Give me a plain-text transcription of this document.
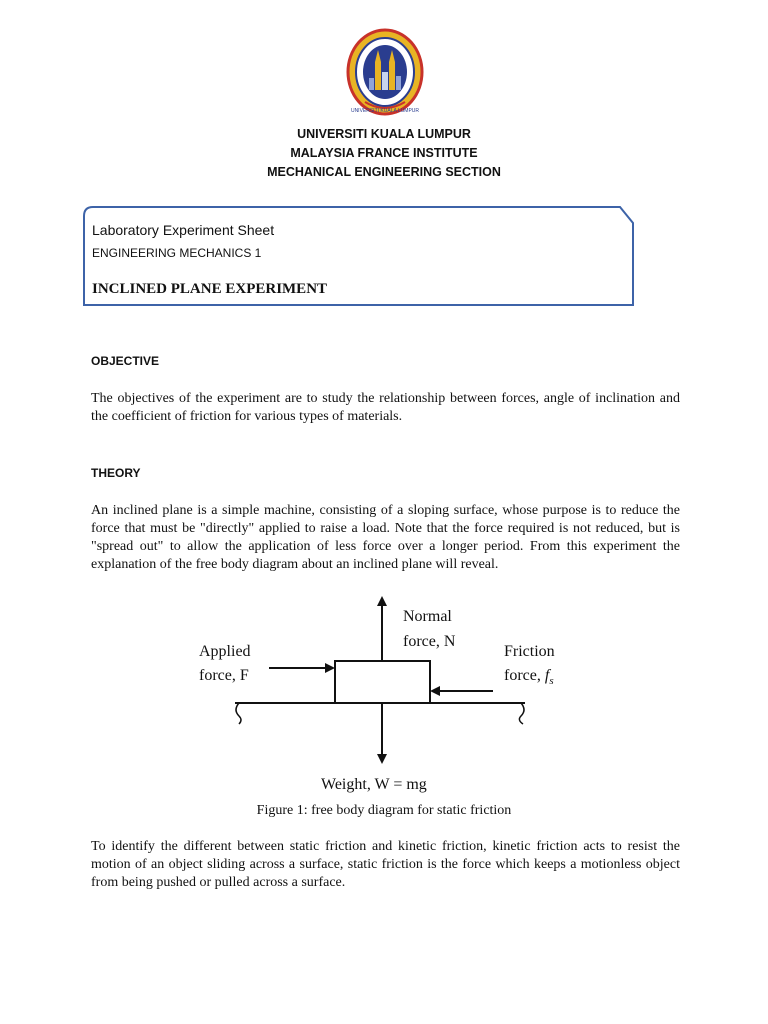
UNIVERSITI KUALA LUMPUR
UNIVERSITI KUALA LUMPUR
MALAYSIA FRANCE INSTITUTE
MECHANICAL ENGINEERING SECTION
Laboratory Experiment Sheet
ENGINEERING MECHANICS 1
INCLINED PLANE EXPERIMENT
OBJECTIVE
The objectives of the experiment are to study the relationship between forces, angle of inclination and the coefficient of friction for various types of materials.
THEORY
An inclined plane is a simple machine, consisting of a sloping surface, whose purpose is to reduce the force that must be "directly" applied to raise a load. Note that the force required is not reduced, but is "spread out" to allow the application of less force over a longer period. From this experiment the explanation of the free body diagram about an inclined plane will reveal.
Normal
force, N
Applied
force, F
Friction
force, $f_s$
Weight, W = mg
Figure 1: free body diagram for static friction
To identify the different between static friction and kinetic friction, kinetic friction acts to resist the motion of an object sliding across a surface, static friction is the force which keeps a motionless object from being pushed or pulled across a surface.
